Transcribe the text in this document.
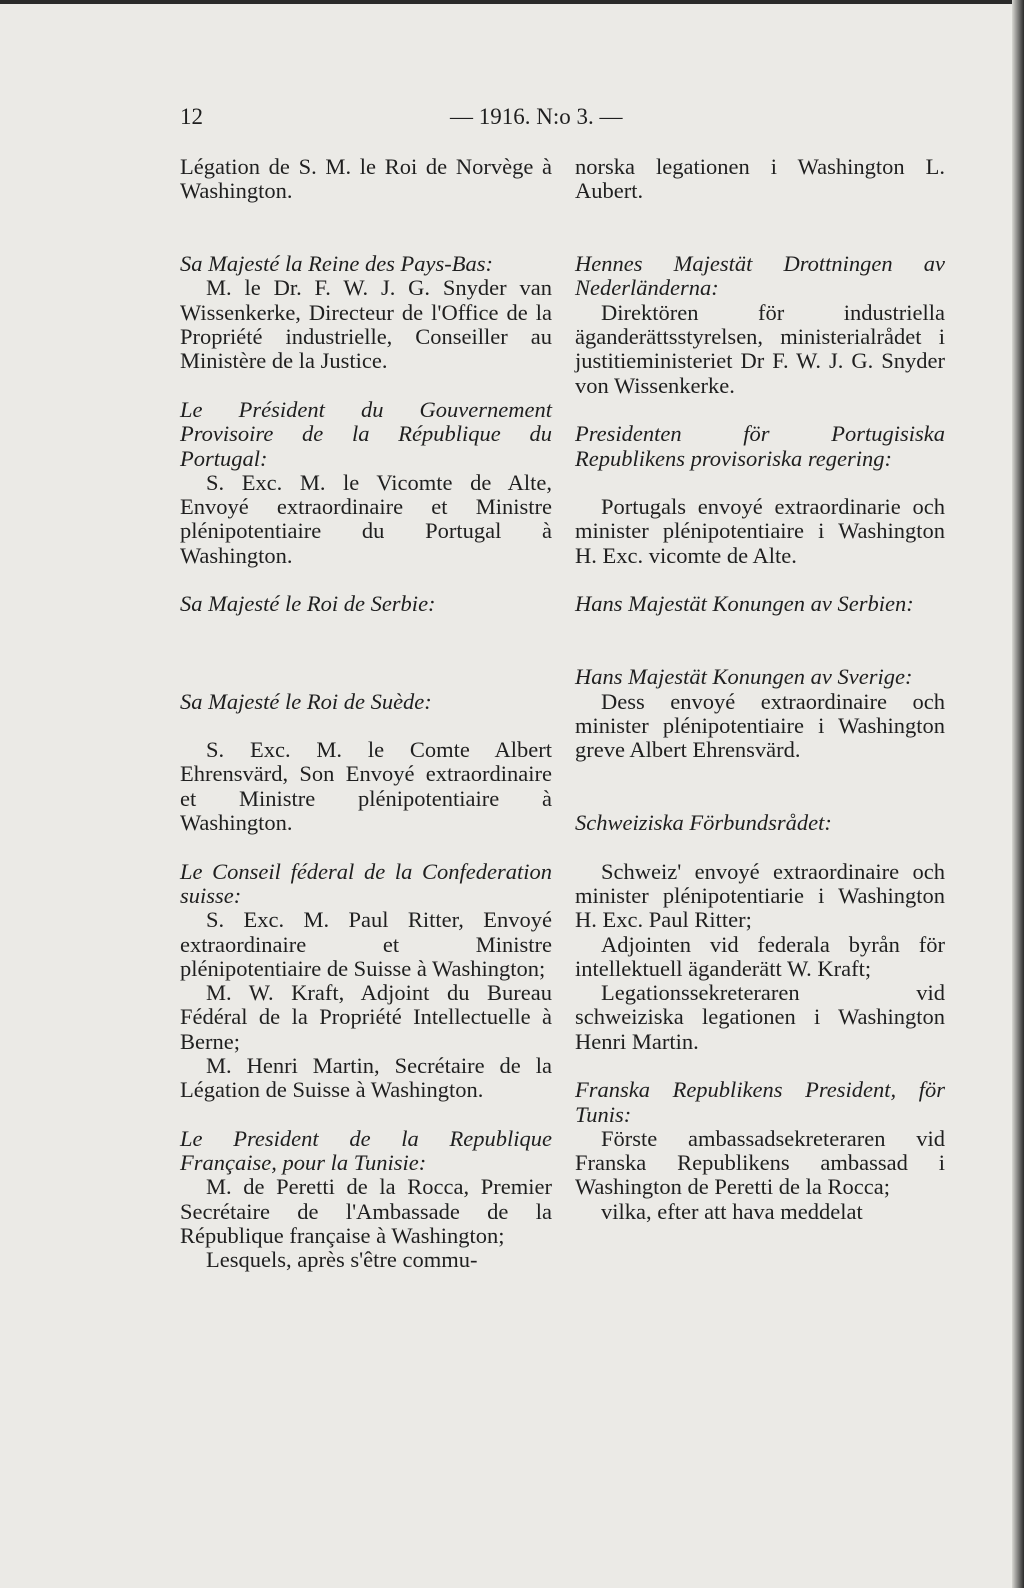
12	— 1916. N:o 3. —

Légation de S. M. le Roi de Norvège à Washington.

Sa Majesté la Reine des Pays-Bas:

M. le Dr. F. W. J. G. Snyder van Wissenkerke, Directeur de l'Office de la Propriété industrielle, Conseiller au Ministère de la Justice.

Le Président du Gouvernement Provisoire de la République du Portugal:

S. Exc. M. le Vicomte de Alte, Envoyé extraordinaire et Ministre plénipotentiaire du Portugal à Washington.

Sa Majesté le Roi de Serbie:

Sa Majesté le Roi de Suède:

S. Exc. M. le Comte Albert Ehrensvärd, Son Envoyé extraordinaire et Ministre plénipotentiaire à Washington.

Le Conseil féderal de la Confederation suisse:

S. Exc. M. Paul Ritter, Envoyé extraordinaire et Ministre plénipotentiaire de Suisse à Washington;

M. W. Kraft, Adjoint du Bureau Fédéral de la Propriété Intellectuelle à Berne;

M. Henri Martin, Secrétaire de la Légation de Suisse à Washington.

Le President de la Republique Française, pour la Tunisie:

M. de Peretti de la Rocca, Premier Secrétaire de l'Ambassade de la République française à Washington;

Lesquels, après s'être commu-

norska legationen i Washington L. Aubert.

Hennes Majestät Drottningen av Nederländerna:

Direktören för industriella äganderättsstyrelsen, ministerialrådet i justitieministeriet Dr F. W. J. G. Snyder von Wissenkerke.

Presidenten för Portugisiska Republikens provisoriska regering:

Portugals envoyé extraordinarie och minister plénipotentiaire i Washington H. Exc. vicomte de Alte.

Hans Majestät Konungen av Serbien:

Hans Majestät Konungen av Sverige:

Dess envoyé extraordinaire och minister plénipotentiaire i Washington greve Albert Ehrensvärd.

Schweiziska Förbundsrådet:

Schweiz' envoyé extraordinaire och minister plénipotentiarie i Washington H. Exc. Paul Ritter;

Adjointen vid federala byrån för intellektuell äganderätt W. Kraft;

Legationssekreteraren vid schweiziska legationen i Washington Henri Martin.

Franska Republikens President, för Tunis:

Förste ambassadsekreteraren vid Franska Republikens ambassad i Washington de Peretti de la Rocca;

vilka, efter att hava meddelat
